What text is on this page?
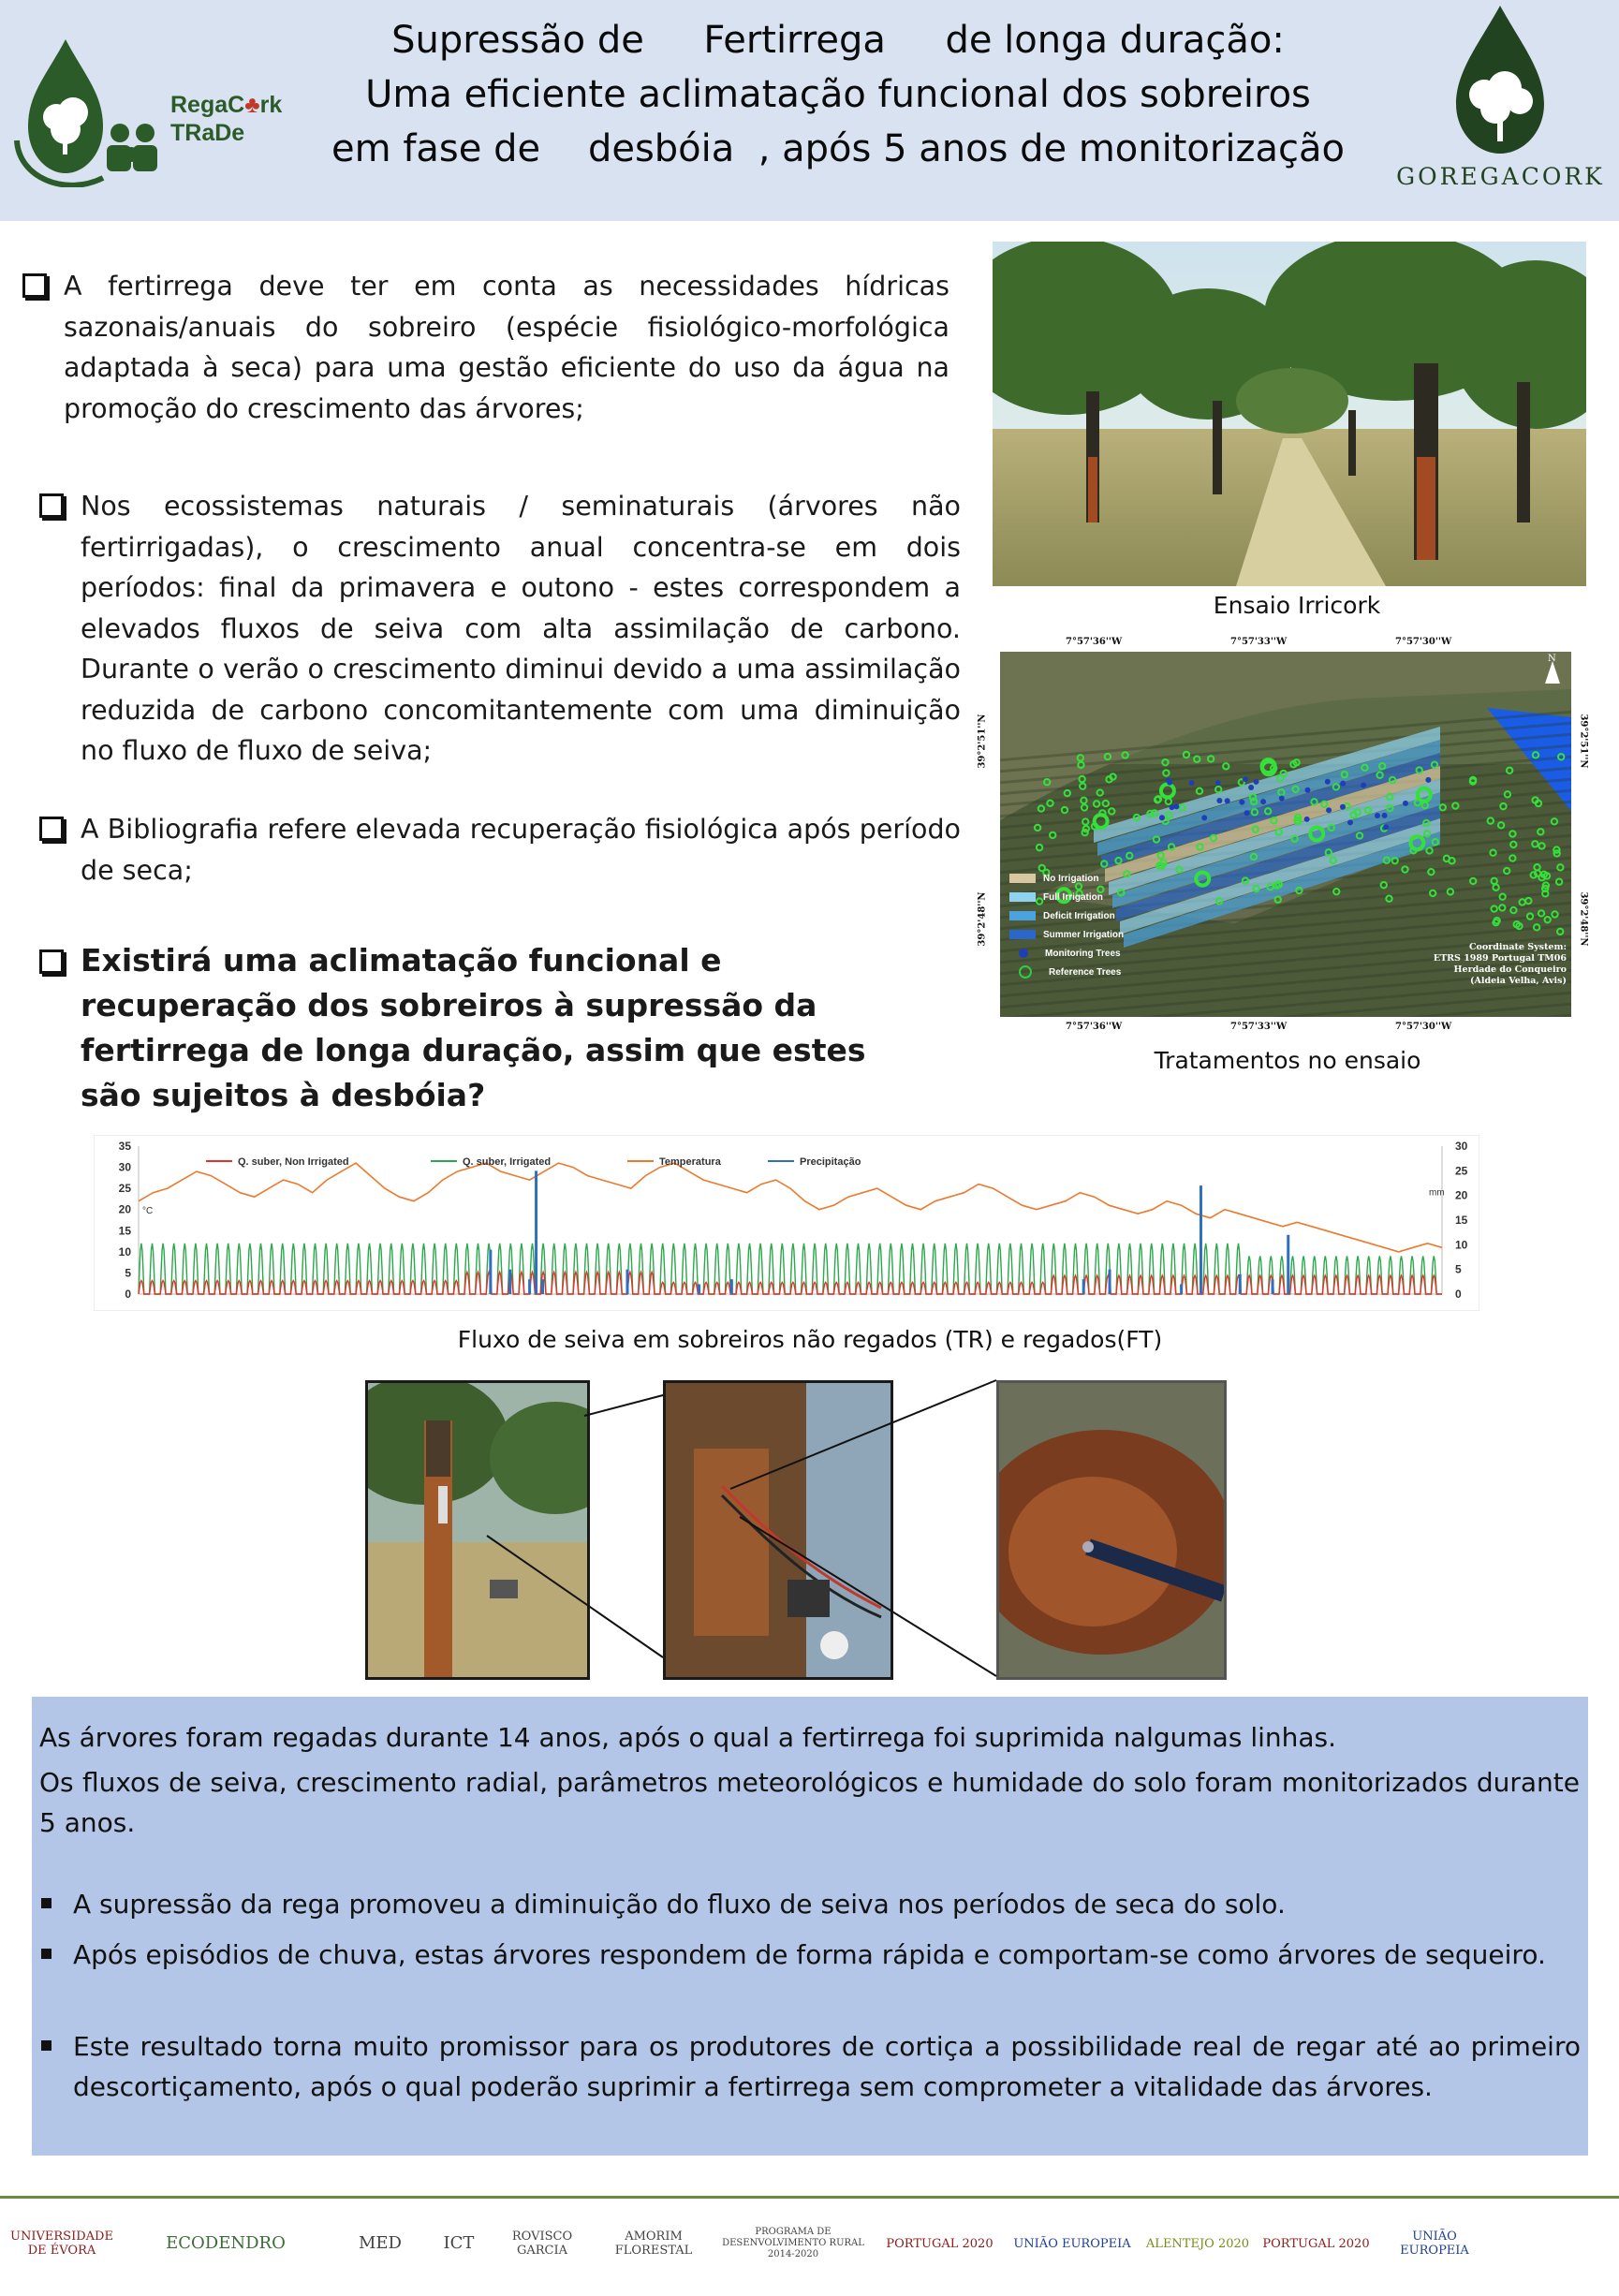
RegaC♣rk
TRaDe
Supressão de     Fertirrega     de longa duração:
Uma eficiente aclimatação funcional dos sobreiros
em fase de    desbóia  , após 5 anos de monitorização
GOREGACORK
A fertirrega deve ter em conta as necessidades hídricas sazonais/anuais do sobreiro (espécie fisiológico-morfológica adaptada à seca) para uma gestão eficiente do uso da água na promoção do crescimento das árvores;
Nos ecossistemas naturais / seminaturais (árvores não fertirrigadas), o crescimento anual concentra-se em dois períodos: final da primavera e outono - estes correspondem a elevados fluxos de seiva com alta assimilação de carbono. Durante o verão o crescimento diminui devido a uma assimilação reduzida de carbono concomitantemente com uma diminuição no fluxo de fluxo de seiva;
A Bibliografia refere elevada recuperação fisiológica após período de seca;
Existirá uma aclimatação funcional e recuperação dos sobreiros à supressão da fertirrega de longa duração, assim que estes são sujeitos à desbóia?
Ensaio Irricork
7°57'36''W	7°57'33''W	7°57'30''W
7°57'36''W	7°57'33''W	7°57'30''W
39°2'51''N
39°2'48''N
39°2'51''N
39°2'48''N
N
No Irrigation
Full Irrigation
Deficit Irrigation
Summer Irrigation
Monitoring Trees
Reference Trees
Coordinate System:
ETRS 1989 Portugal TM06
Herdade do Conqueiro
(Aldeia Velha, Avis)
Tratamentos no ensaio
0
5
10
15
20
25
30
35
0
5
10
15
20
25
30
°C
mm
Q. suber, Non Irrigated	Q. suber, Irrigated	Temperatura	Precipitação
Fluxo de seiva em sobreiros não regados (TR) e regados(FT)
As árvores foram regadas durante 14 anos, após o qual a fertirrega foi suprimida nalgumas linhas.
Os fluxos de seiva, crescimento radial, parâmetros meteorológicos e humidade do solo foram monitorizados durante 5 anos.
A supressão da rega promoveu a diminuição do fluxo de seiva nos períodos de seca do solo.
Após episódios de chuva, estas árvores respondem de forma rápida e comportam-se como árvores de sequeiro.
Este resultado torna muito promissor para os produtores de cortiça a possibilidade real de regar até ao primeiro descortiçamento, após o qual poderão suprimir a fertirrega sem comprometer a vitalidade das árvores.
UNIVERSIDADE DE ÉVORA	ECODENDRO	MED	ICT	ROVISCO GARCIA
AMORIM FLORESTAL
PROGRAMA DE DESENVOLVIMENTO RURAL 2014-2020
PORTUGAL 2020	UNIÃO EUROPEIA	ALENTEJO 2020	PORTUGAL 2020	UNIÃO EUROPEIA
